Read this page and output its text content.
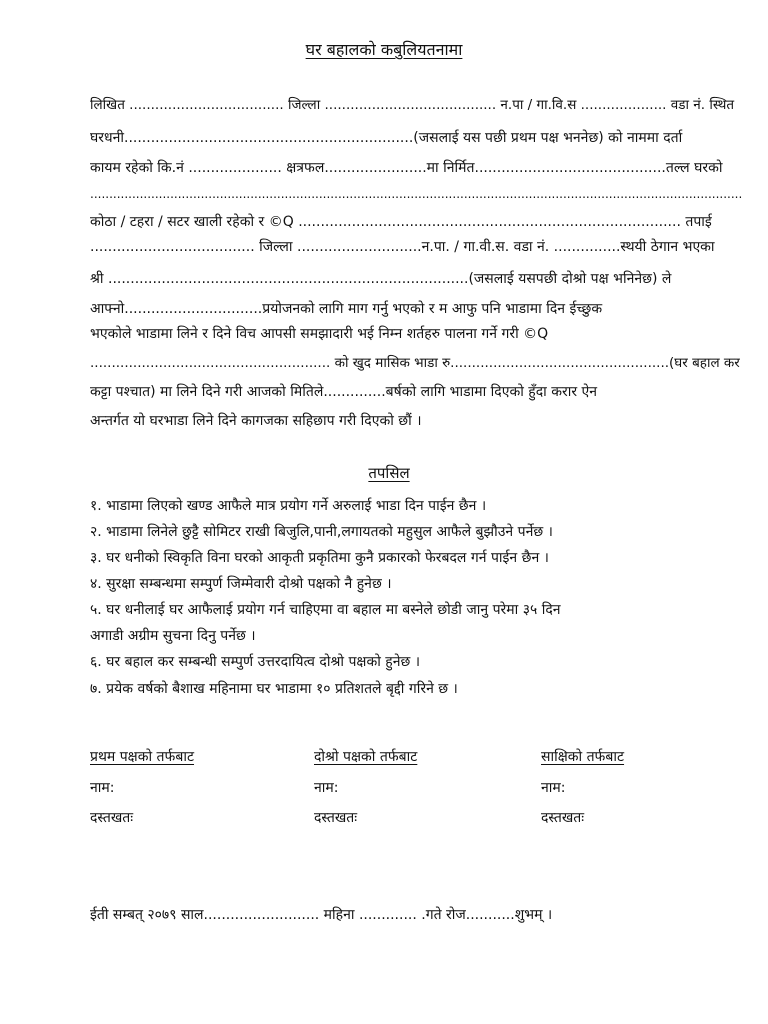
घर बहालको कबुलियतनामा
लिखित .................................... जिल्ला ........................................ न.पा / गा.वि.स .................... वडा नं. स्थित
घरधनी.................................................................(जसलाई यस पछी प्रथम पक्ष भननेछ) को नाममा दर्ता
कायम रहेको कि.नं ..................... क्षत्रफल.......................मा निर्मित...........................................तल्ल घरको
...........................................................................................................................................................................
कोठा / टहरा / सटर खाली रहेको र ©Q ...................................................................................... तपाई
..................................... जिल्ला ............................न.पा. / गा.वी.स. वडा नं. ...............स्थयी ठेगान भएका
श्री .................................................................................(जसलाई यसपछी दोश्रो पक्ष भनिनेछ) ले
आफ्नो...............................प्रयोजनको लागि माग गर्नु भएको र म आफु पनि भाडामा दिन ईच्छुक
भएकोले भाडामा लिने र दिने विच आपसी समझादारी भई निम्न शर्तहरु पालना गर्ने गरी ©Q
........................................................ को खुद मासिक भाडा रु...................................................(घर बहाल कर
कट्टा पश्चात) मा लिने दिने गरी आजको मितिले..............बर्षको लागि भाडामा दिएको हुँदा करार ऐन
अन्तर्गत यो घरभाडा लिने दिने कागजका सहिछाप गरी दिएको छौं ।
तपसिल
१. भाडामा लिएको खण्ड आफैले मात्र प्रयोग गर्ने अरुलाई भाडा दिन पाईन छैन ।
२. भाडामा लिनेले छुट्टै सोमिटर राखी बिजुलि,पानी,लगायतको महुसुल आफैले बुझौउने पर्नेछ ।
३. घर धनीको स्विकृति विना घरको आकृती प्रकृतिमा कुनै प्रकारको फेरबदल गर्न पाईन छैन ।
४. सुरक्षा सम्बन्धमा सम्पुर्ण जिम्मेवारी दोश्रो पक्षको नै हुनेछ ।
५. घर धनीलाई घर आफैलाई प्रयोग गर्न चाहिएमा वा बहाल मा बस्नेले छोडी जानु परेमा ३५ दिन
अगाडी अग्रीम सुचना दिनु पर्नेछ ।
६. घर बहाल कर सम्बन्धी सम्पुर्ण उत्तरदायित्व दोश्रो पक्षको हुनेछ ।
७. प्रयेक वर्षको बैशाख महिनामा घर भाडामा १० प्रतिशतले बृद्दी गरिने छ ।
प्रथम पक्षको तर्फबाट	दोश्रो पक्षको तर्फबाट	साक्षिको तर्फबाट
नाम:	नाम:	नाम:
दस्तखतः	दस्तखतः	दस्तखतः
ईती सम्बत् २०७९ साल.......................... महिना ............. .गते रोज...........शुभम् ।
